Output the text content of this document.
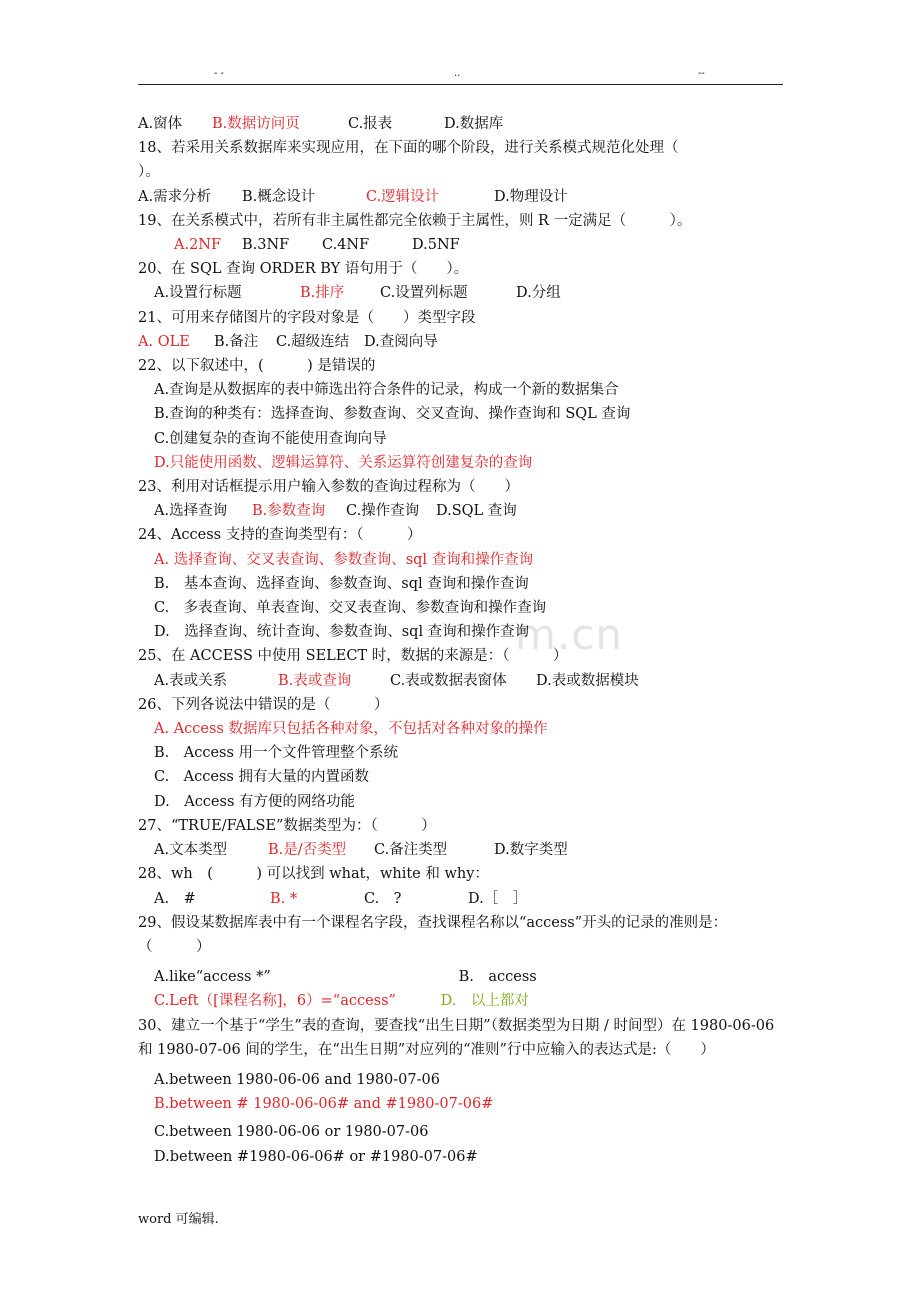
- -	..	--
m.cn
A.窗体 B.数据访问页	C.报表	D.数据库
18、若采用关系数据库来实现应用，在下面的哪个阶段，进行关系模式规范化处理（
）。
A.需求分析 B.概念设计	C.逻辑设计	D.物理设计
19、在关系模式中，若所有非主属性都完全依赖于主属性，则 R 一定满足（　　　）。
A.2NF B.3NF C.4NF	D.5NF
20、在 SQL 查询 ORDER BY 语句用于（　　）。
A.设置行标题	B.排序 C.设置列标题	D.分组
21、可用来存储图片的字段对象是（　　）类型字段
A. OLE B.备注 C.超级连结 D.查阅向导
22、以下叙述中，(　　　) 是错误的
A.查询是从数据库的表中筛选出符合条件的记录，构成一个新的数据集合
B.查询的种类有：选择查询、参数查询、交叉查询、操作查询和 SQL 查询
C.创建复杂的查询不能使用查询向导
D.只能使用函数、逻辑运算符、关系运算符创建复杂的查询
23、利用对话框提示用户输入参数的查询过程称为（　　）
A.选择查询 B.参数查询 C.操作查询 D.SQL 查询
24、Access 支持的查询类型有：（　　　）
A. 选择查询、交叉表查询、参数查询、sql 查询和操作查询
B.　基本查询、选择查询、参数查询、sql 查询和操作查询
C.　多表查询、单表查询、交叉表查询、参数查询和操作查询
D.　选择查询、统计查询、参数查询、sql 查询和操作查询
25、在 ACCESS 中使用 SELECT 时，数据的来源是：（　　　）
A.表或关系	B.表或查询	C.表或数据表窗体 D.表或数据模块
26、下列各说法中错误的是（　　　）
A. Access 数据库只包括各种对象，不包括对各种对象的操作
B.　Access 用一个文件管理整个系统
C.　Access 拥有大量的内置函数
D.　Access 有方便的网络功能
27、“TRUE/FALSE”数据类型为：（　　　）
A.文本类型	B.是/否类型 C.备注类型	D.数字类型
28、wh　(　　　) 可以找到 what，white 和 why：
A.　#	B. *	C.　?	D.［　］
29、假设某数据库表中有一个课程名字段，查找课程名称以“access”开头的记录的准则是：（　　　）
A.like“access *”	B.　access
C.Left（[课程名称]，6）=“access”	D.　以上都对
30、建立一个基于“学生”表的查询，要查找“出生日期”（数据类型为日期 / 时间型）在 1980-06-06 和 1980-07-06 间的学生，在“出生日期”对应列的“准则”行中应输入的表达式是:（　　）
A.between 1980-06-06 and 1980-07-06
B.between # 1980-06-06# and #1980-07-06#
C.between 1980-06-06 or 1980-07-06
D.between #1980-06-06# or #1980-07-06#
word 可编辑.
